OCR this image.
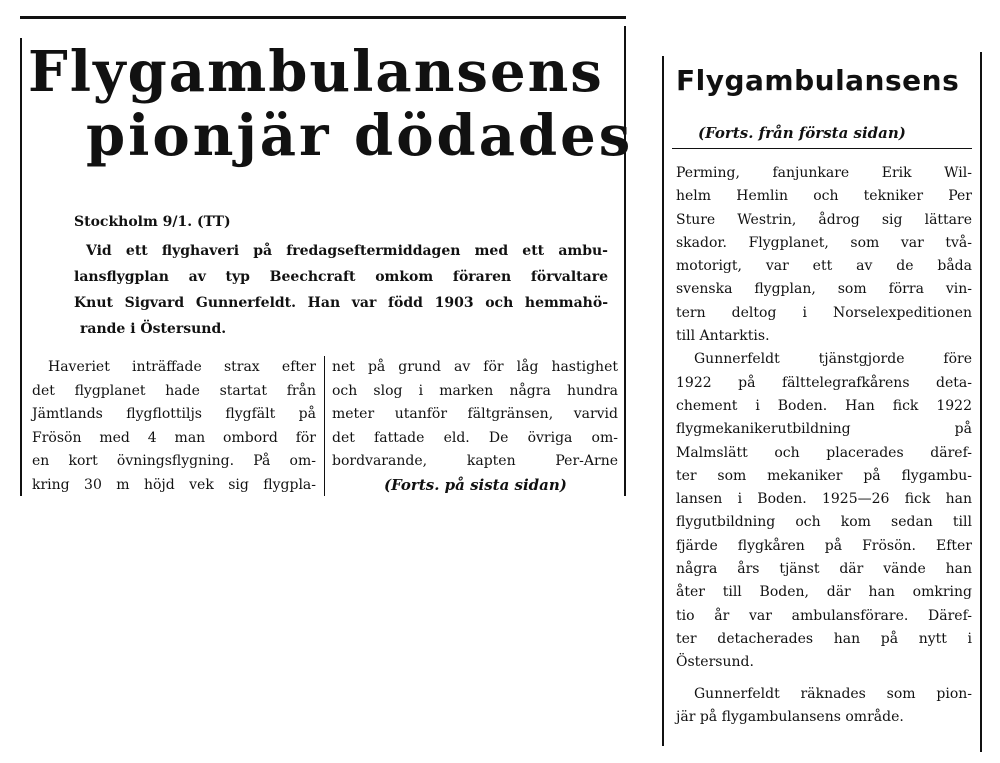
Flygambulansens
pionjär dödades
Stockholm 9/1. (TT)
Vid ett flyghaveri på fredagseftermiddagen med ett ambu-
lansflygplan av typ Beechcraft omkom föraren förvaltare
Knut Sigvard Gunnerfeldt. Han var född 1903 och hemmahö-
rande i Östersund.
Haveriet inträffade strax efter
det flygplanet hade startat från
Jämtlands flygflottiljs flygfält på
Frösön med 4 man ombord för
en kort övningsflygning. På om-
kring 30 m höjd vek sig flygpla-
net på grund av för låg hastighet
och slog i marken några hundra
meter utanför fältgränsen, varvid
det fattade eld. De övriga om-
bordvarande, kapten Per-Arne
(Forts. på sista sidan)
Flygambulansens
(Forts. från första sidan)
Perming, fanjunkare Erik Wil-
helm Hemlin och tekniker Per
Sture Westrin, ådrog sig lättare
skador. Flygplanet, som var två-
motorigt, var ett av de båda
svenska flygplan, som förra vin-
tern deltog i Norselexpeditionen
till Antarktis.
Gunnerfeldt tjänstgjorde före
1922 på fälttelegrafkårens deta-
chement i Boden. Han fick 1922
flygmekanikerutbildning på
Malmslätt och placerades däref-
ter som mekaniker på flygambu-
lansen i Boden. 1925—26 fick han
flygutbildning och kom sedan till
fjärde flygkåren på Frösön. Efter
några års tjänst där vände han
åter till Boden, där han omkring
tio år var ambulansförare. Däref-
ter detacherades han på nytt i
Östersund.
Gunnerfeldt räknades som pion-
jär på flygambulansens område.
